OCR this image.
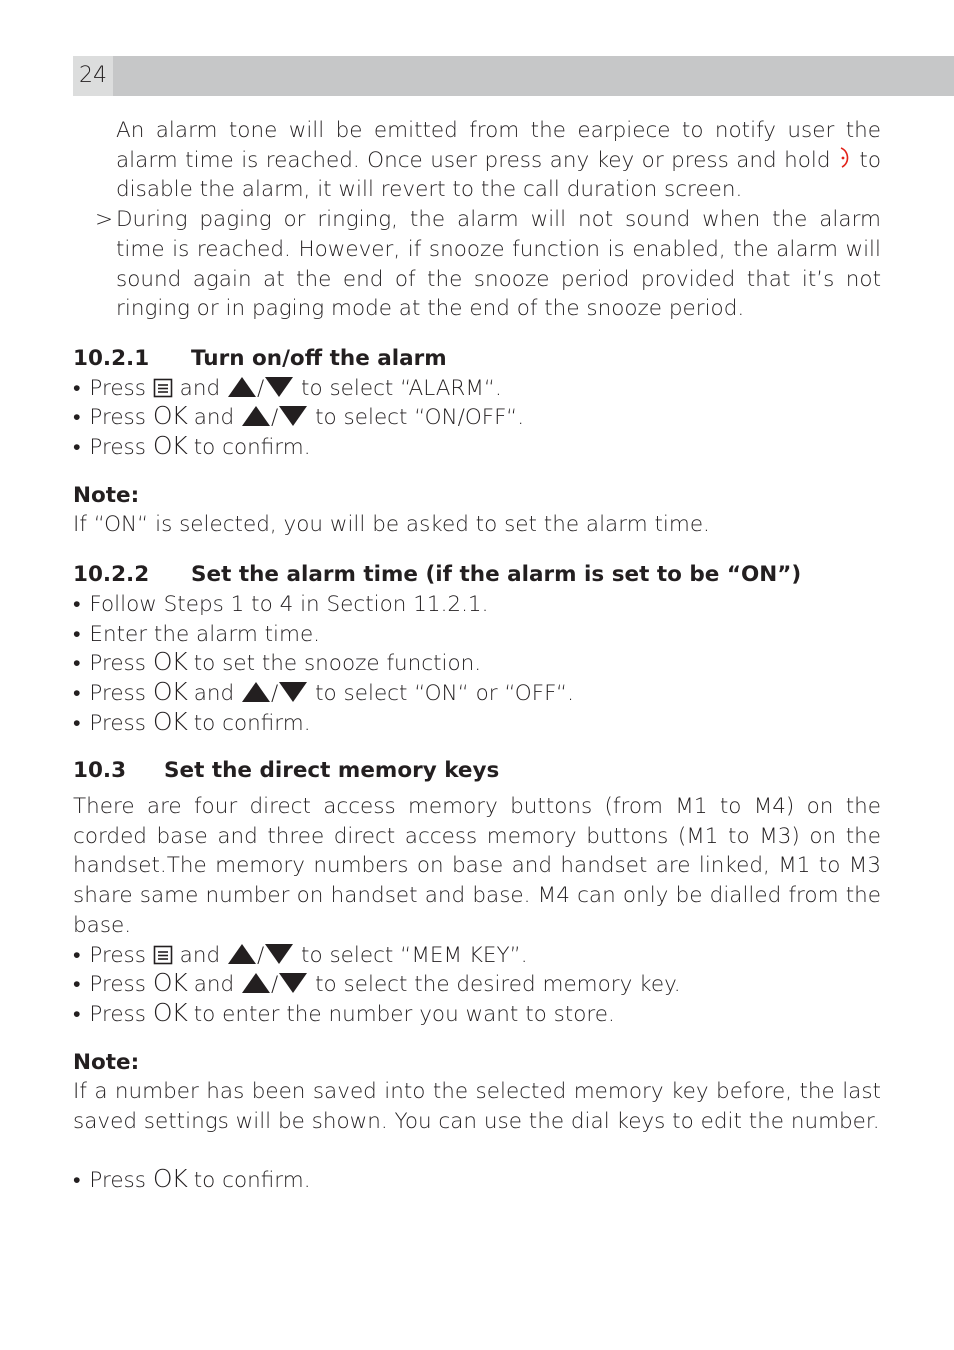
24

An alarm tone will be emitted from the earpiece to notify user the alarm time is reached. Once user press any key or press and hold to disable the alarm, it will revert to the call duration screen.

> During paging or ringing, the alarm will not sound when the alarm time is reached. However, if snooze function is enabled, the alarm will sound again at the end of the snooze period provided that it’s not ringing or in paging mode at the end of the snooze period.

10.2.1 Turn on/off the alarm

• Press and / to select “ALARM“.

• Press OK and / to select “ON/OFF“.

• Press OK to confirm.

Note:

If “ON“ is selected, you will be asked to set the alarm time.

10.2.2 Set the alarm time (if the alarm is set to be “ON”)

• Follow Steps 1 to 4 in Section 11.2.1.

• Enter the alarm time.

• Press OK to set the snooze function.

• Press OK and / to select “ON“ or “OFF“.

• Press OK to confirm.

10.3 Set the direct memory keys

There are four direct access memory buttons (from M1 to M4) on the corded base and three direct access memory buttons (M1 to M3) on the handset.The memory numbers on base and handset are linked, M1 to M3 share same number on handset and base. M4 can only be dialled from the base.

• Press and / to select “MEM KEY”.

• Press OK and / to select the desired memory key.

• Press OK to enter the number you want to store.

Note:

If a number has been saved into the selected memory key before, the last saved settings will be shown. You can use the dial keys to edit the number.

• Press OK to confirm.
